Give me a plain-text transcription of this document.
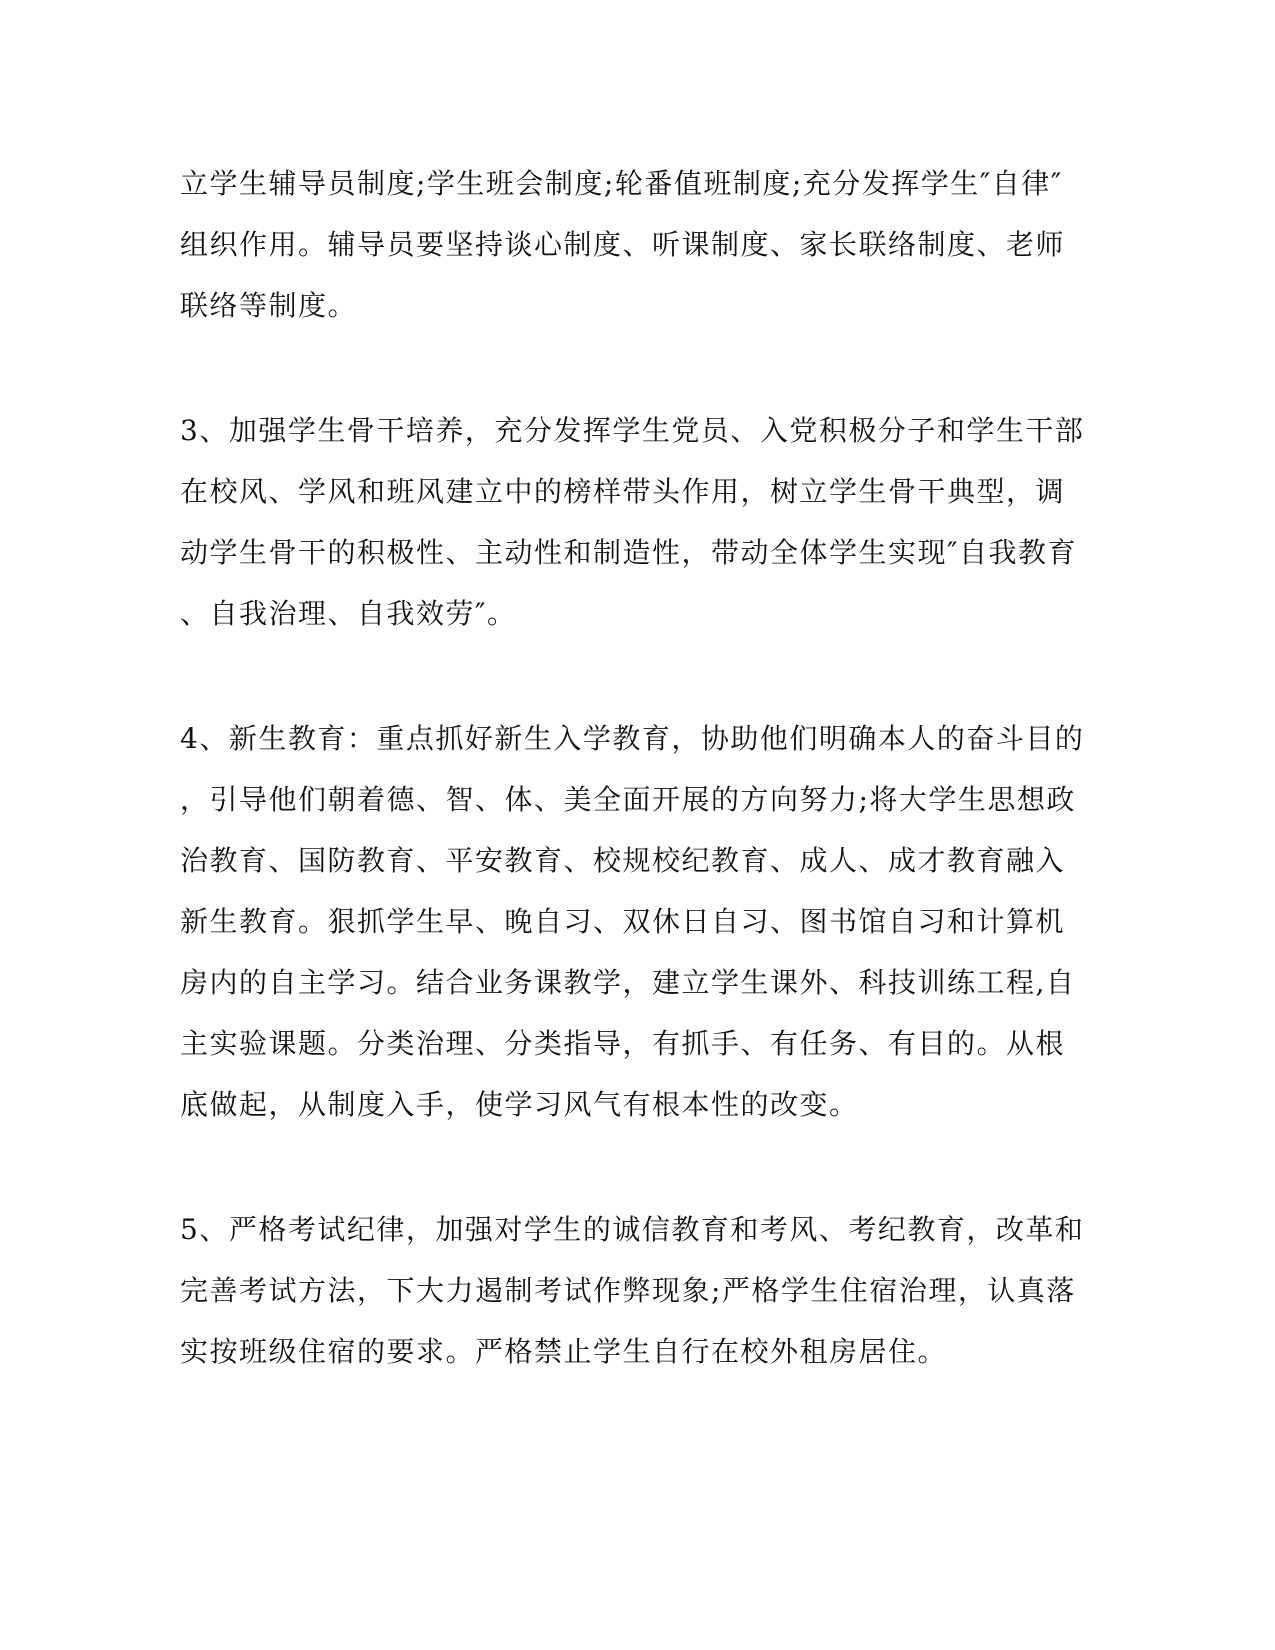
立学生辅导员制度;学生班会制度;轮番值班制度;充分发挥学生″自律″
组织作用。辅导员要坚持谈心制度、听课制度、家长联络制度、老师
联络等制度。
3、加强学生骨干培养，充分发挥学生党员、入党积极分子和学生干部
在校风、学风和班风建立中的榜样带头作用，树立学生骨干典型，调
动学生骨干的积极性、主动性和制造性，带动全体学生实现″自我教育
、自我治理、自我效劳″。
4、新生教育：重点抓好新生入学教育，协助他们明确本人的奋斗目的
，引导他们朝着德、智、体、美全面开展的方向努力;将大学生思想政
治教育、国防教育、平安教育、校规校纪教育、成人、成才教育融入
新生教育。狠抓学生早、晚自习、双休日自习、图书馆自习和计算机
房内的自主学习。结合业务课教学，建立学生课外、科技训练工程,自
主实验课题。分类治理、分类指导，有抓手、有任务、有目的。从根
底做起，从制度入手，使学习风气有根本性的改变。
5、严格考试纪律，加强对学生的诚信教育和考风、考纪教育，改革和
完善考试方法，下大力遏制考试作弊现象;严格学生住宿治理，认真落
实按班级住宿的要求。严格禁止学生自行在校外租房居住。
